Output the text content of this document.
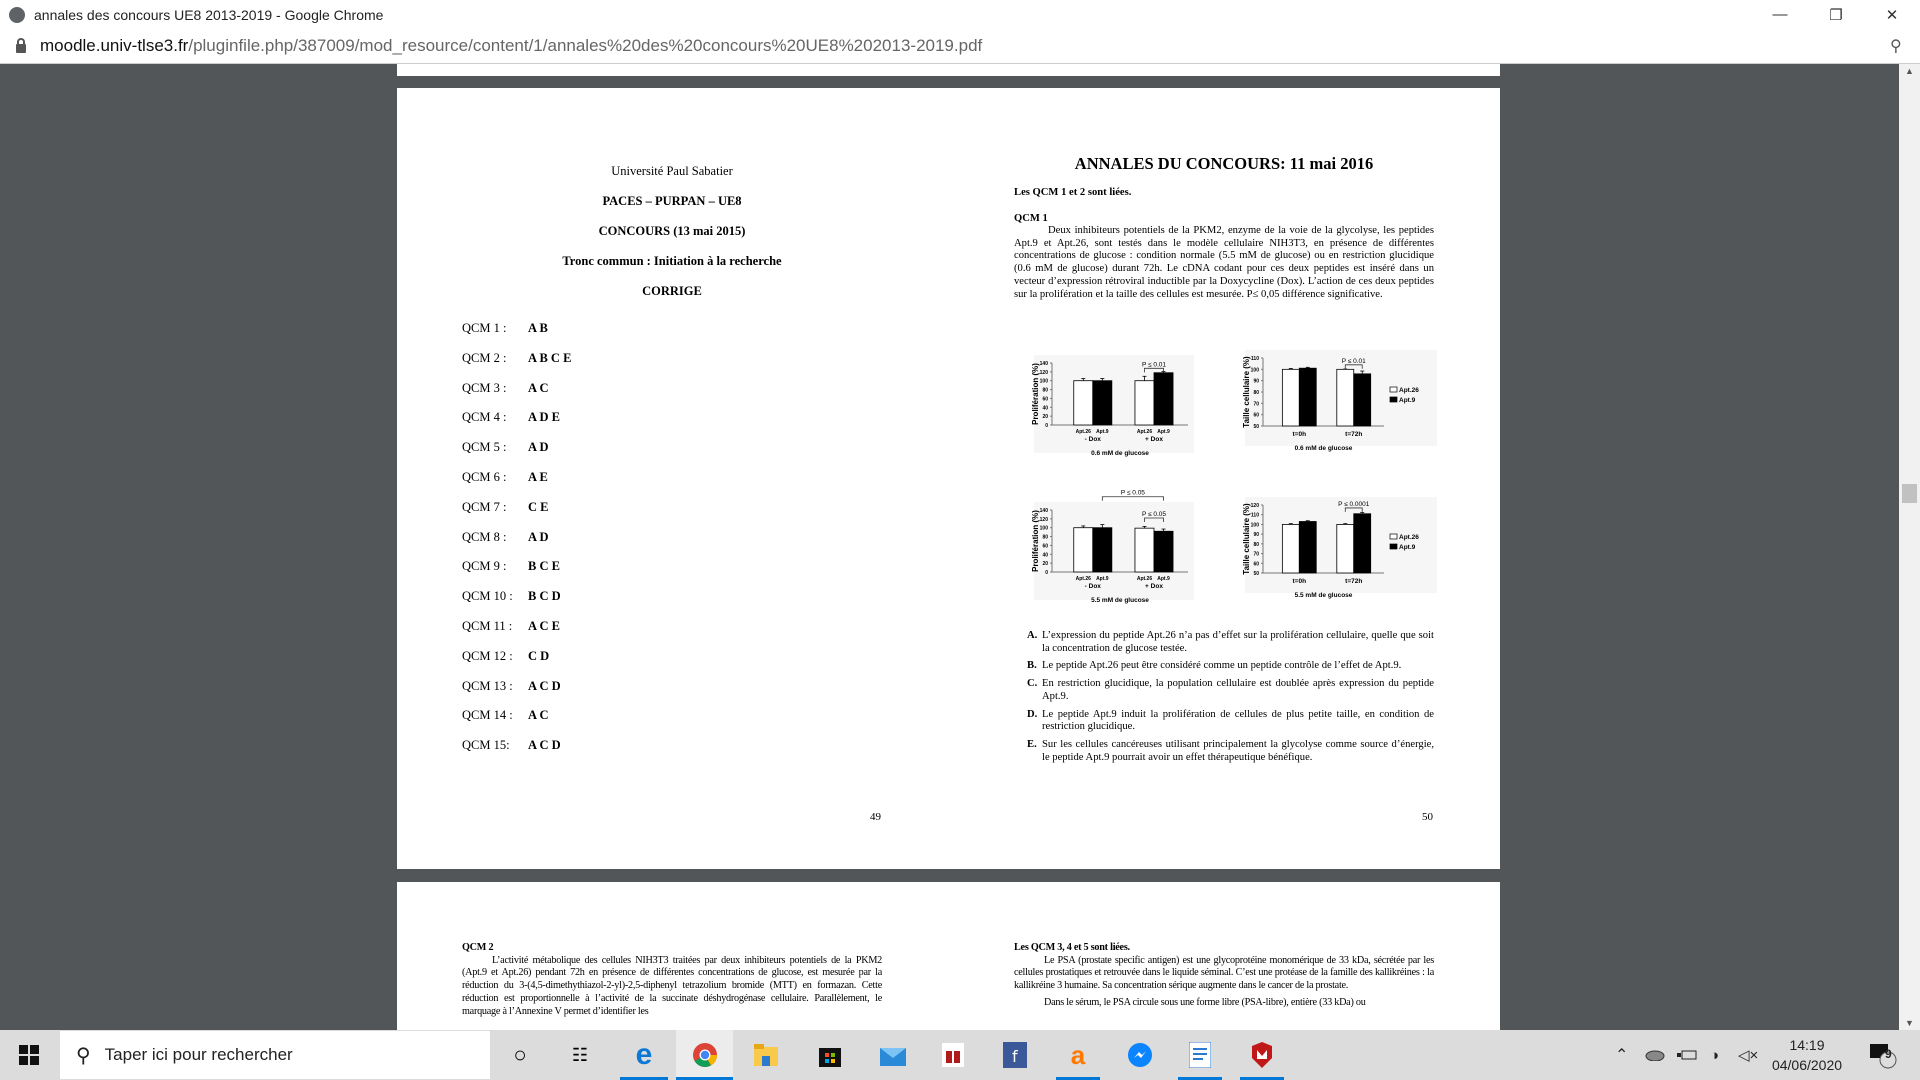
annales des concours UE8 2013-2019 - Google Chrome	—	❐	✕
moodle.univ-tlse3.fr/pluginfile.php/387009/mod_resource/content/1/annales%20des%20concours%20UE8%202013-2019.pdf	⚲
Université Paul Sabatier
PACES – PURPAN – UE8
CONCOURS (13 mai 2015)
Tronc commun : Initiation à la recherche
CORRIGE
QCM 1 :	A B
QCM 2 :	A B C E
QCM 3 :	A C
QCM 4 :	A D E
QCM 5 :	A D
QCM 6 :	A E
QCM 7 :	C E
QCM 8 :	A D
QCM 9 :	B C E
QCM 10 :	B C D
QCM 11 :	A C E
QCM 12 :	C D
QCM 13 :	A C D
QCM 14 :	A C
QCM 15:	A C D
49
ANNALES DU CONCOURS: 11 mai 2016
Les QCM 1 et 2 sont liées.
QCM 1
Deux inhibiteurs potentiels de la PKM2, enzyme de la voie de la glycolyse, les peptides Apt.9 et Apt.26, sont testés dans le modèle cellulaire NIH3T3, en présence de différentes concentrations de glucose : condition normale (5.5 mM de glucose) ou en restriction glucidique (0.6 mM de glucose) durant 72h. Le cDNA codant pour ces deux peptides est inséré dans un vecteur d’expression rétroviral inductible par la Doxycycline (Dox). L’action de ces deux peptides sur la prolifération et la taille des cellules est mesurée. P≤ 0,05 différence significative.
0
20
40
60
80
100
120
140
Prolifération (%)
Apt.26 Apt.9
- Dox
Apt.26 Apt.9
+ Dox
0.6 mM de glucose
P ≤ 0.01
50
60
70
80
90
100
110
Taille cellulaire (%)
t=0h	t=72h
0.6 mM de glucose
P ≤ 0.01
Apt.26
Apt.9
0
20
40
60
80
100
120
140
Prolifération (%)
Apt.26 Apt.9
- Dox
Apt.26 Apt.9
+ Dox
5.5 mM de glucose
P ≤ 0.05
P ≤ 0.05
50
60
70
80
90
100
110
120
Taille cellulaire (%)
t=0h	t=72h
5.5 mM de glucose
P ≤ 0.0001
Apt.26
Apt.9
A. L’expression du peptide Apt.26 n’a pas d’effet sur la prolifération cellulaire, quelle que soit la concentration de glucose testée.
B. Le peptide Apt.26 peut être considéré comme un peptide contrôle de l’effet de Apt.9.
C. En restriction glucidique, la population cellulaire est doublée après expression du peptide Apt.9.
D. Le peptide Apt.9 induit la prolifération de cellules de plus petite taille, en condition de restriction glucidique.
E. Sur les cellules cancéreuses utilisant principalement la glycolyse comme source d’énergie, le peptide Apt.9 pourrait avoir un effet thérapeutique bénéfique.
50
QCM 2
L’activité métabolique des cellules NIH3T3 traitées par deux inhibiteurs potentiels de la PKM2 (Apt.9 et Apt.26) pendant 72h en présence de différentes concentrations de glucose, est mesurée par la réduction du 3-(4,5-dimethythiazol-2-yl)-2,5-diphenyl tetrazolium bromide (MTT) en formazan. Cette réduction est proportionnelle à l’activité de la succinate déshydrogénase cellulaire. Parallèlement, le marquage à l’Annexine V permet d’identifier les
Les QCM 3, 4 et 5 sont liées.
Le PSA (prostate specific antigen) est une glycoprotéine monomérique de 33 kDa, sécrétée par les cellules prostatiques et retrouvée dans le liquide séminal. C’est une protéase de la famille des kallikréines : la kallikréine 3 humaine. Sa concentration sérique augmente dans le cancer de la prostate.
Dans le sérum, le PSA circule sous une forme libre (PSA-libre), entière (33 kDa) ou
▲
▼
⚲ Taper ici pour rechercher	○	☷	e	f a	⌃	◑ ◁×
14:19
04/06/2020
9
